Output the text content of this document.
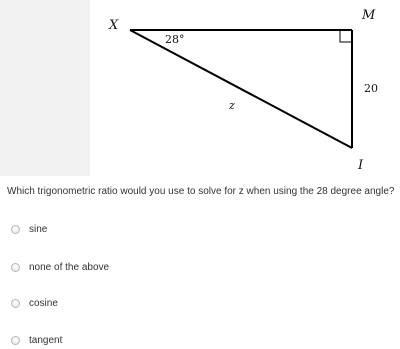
X
M
I
28°
20
z
Which trigonometric ratio would you use to solve for z when using the 28 degree angle?
sine
none of the above
cosine
tangent
